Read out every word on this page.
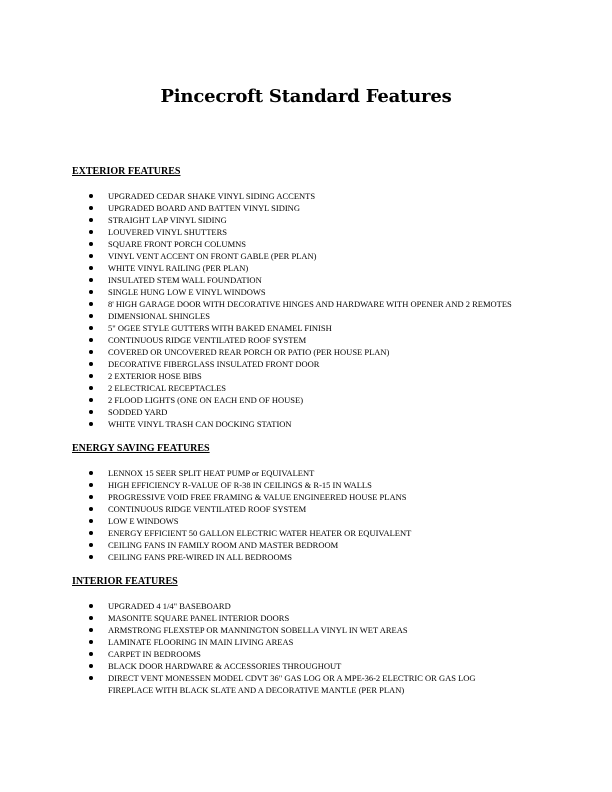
Pincecroft Standard Features
EXTERIOR FEATURES
UPGRADED CEDAR SHAKE VINYL SIDING ACCENTS
UPGRADED BOARD AND BATTEN VINYL SIDING
STRAIGHT LAP VINYL SIDING
LOUVERED VINYL SHUTTERS
SQUARE FRONT PORCH COLUMNS
VINYL VENT ACCENT ON FRONT GABLE (PER PLAN)
WHITE VINYL RAILING (PER PLAN)
INSULATED STEM WALL FOUNDATION
SINGLE HUNG LOW E VINYL WINDOWS
8' HIGH GARAGE DOOR WITH DECORATIVE HINGES AND HARDWARE WITH OPENER AND 2 REMOTES
DIMENSIONAL SHINGLES
5" OGEE STYLE GUTTERS WITH BAKED ENAMEL FINISH
CONTINUOUS RIDGE VENTILATED ROOF SYSTEM
COVERED OR UNCOVERED REAR PORCH OR PATIO (PER HOUSE PLAN)
DECORATIVE FIBERGLASS INSULATED FRONT DOOR
2 EXTERIOR HOSE BIBS
2 ELECTRICAL RECEPTACLES
2 FLOOD LIGHTS (ONE ON EACH END OF HOUSE)
SODDED YARD
WHITE VINYL TRASH CAN DOCKING STATION
ENERGY SAVING FEATURES
LENNOX 15 SEER SPLIT HEAT PUMP or EQUIVALENT
HIGH EFFICIENCY R-VALUE OF R-38 IN CEILINGS & R-15 IN WALLS
PROGRESSIVE VOID FREE FRAMING & VALUE ENGINEERED HOUSE PLANS
CONTINUOUS RIDGE VENTILATED ROOF SYSTEM
LOW E WINDOWS
ENERGY EFFICIENT 50 GALLON ELECTRIC WATER HEATER OR EQUIVALENT
CEILING FANS IN FAMILY ROOM AND MASTER BEDROOM
CEILING FANS PRE-WIRED IN ALL BEDROOMS
INTERIOR FEATURES
UPGRADED 4 1/4" BASEBOARD
MASONITE SQUARE PANEL INTERIOR DOORS
ARMSTRONG FLEXSTEP OR MANNINGTON SOBELLA VINYL IN WET AREAS
LAMINATE FLOORING IN MAIN LIVING AREAS
CARPET IN BEDROOMS
BLACK DOOR HARDWARE & ACCESSORIES THROUGHOUT
DIRECT VENT MONESSEN MODEL CDVT 36" GAS LOG OR A MPE-36-2 ELECTRIC OR GAS LOG FIREPLACE WITH BLACK SLATE AND A DECORATIVE MANTLE (PER PLAN)
